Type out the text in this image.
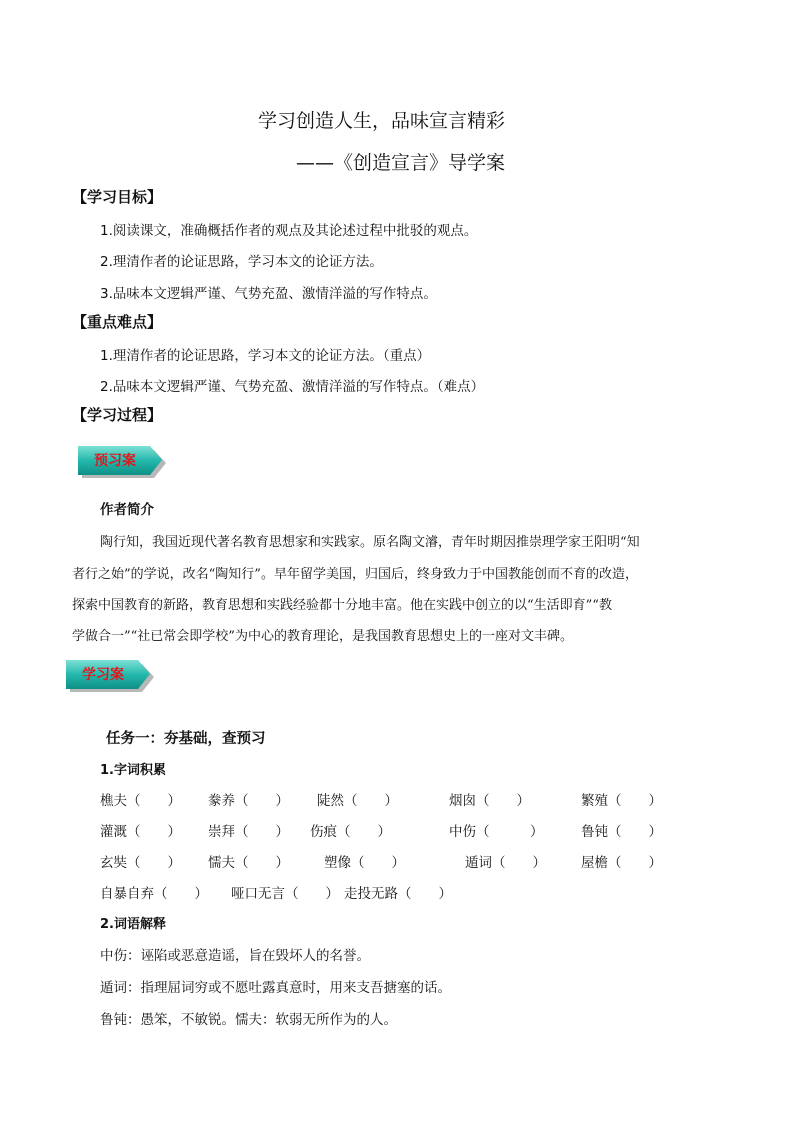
学习创造人生，品味宣言精彩
——《创造宣言》导学案
【学习目标】
1.阅读课文，准确概括作者的观点及其论述过程中批驳的观点。
2.理清作者的论证思路，学习本文的论证方法。
3.品味本文逻辑严谨、气势充盈、激情洋溢的写作特点。
【重点难点】
1.理清作者的论证思路，学习本文的论证方法。（重点）
2.品味本文逻辑严谨、气势充盈、激情洋溢的写作特点。（难点）
【学习过程】
预习案
作者简介
陶行知，我国近现代著名教育思想家和实践家。原名陶文濬，青年时期因推崇理学家王阳明“知
者行之始”的学说，改名“陶知行”。早年留学美国，归国后，终身致力于中国教能创而不育的改造，
探索中国教育的新路，教育思想和实践经验都十分地丰富。他在实践中创立的以“生活即育”“教
学做合一”“社已常会即学校”为中心的教育理论，是我国教育思想史上的一座对文丰碑。
学习案
任务一：夯基础，查预习
1.字词积累
樵夫（　　） 豢养（　　） 陡然（　　）	烟囱（　　）	繁殖（　　）
灌溉（　　） 崇拜（　　） 伤痕（　　）	中伤（　　　）	鲁钝（　　）
玄奘（　　） 懦夫（　　）	塑像（　　）	遁词（　　）	屋檐（　　）
自暴自弃（　　） 哑口无言（　　） 走投无路（　　）
2.词语解释
中伤：诬陷或恶意造谣，旨在毁坏人的名誉。
遁词：指理屈词穷或不愿吐露真意时，用来支吾搪塞的话。
鲁钝：愚笨，不敏锐。懦夫：软弱无所作为的人。
